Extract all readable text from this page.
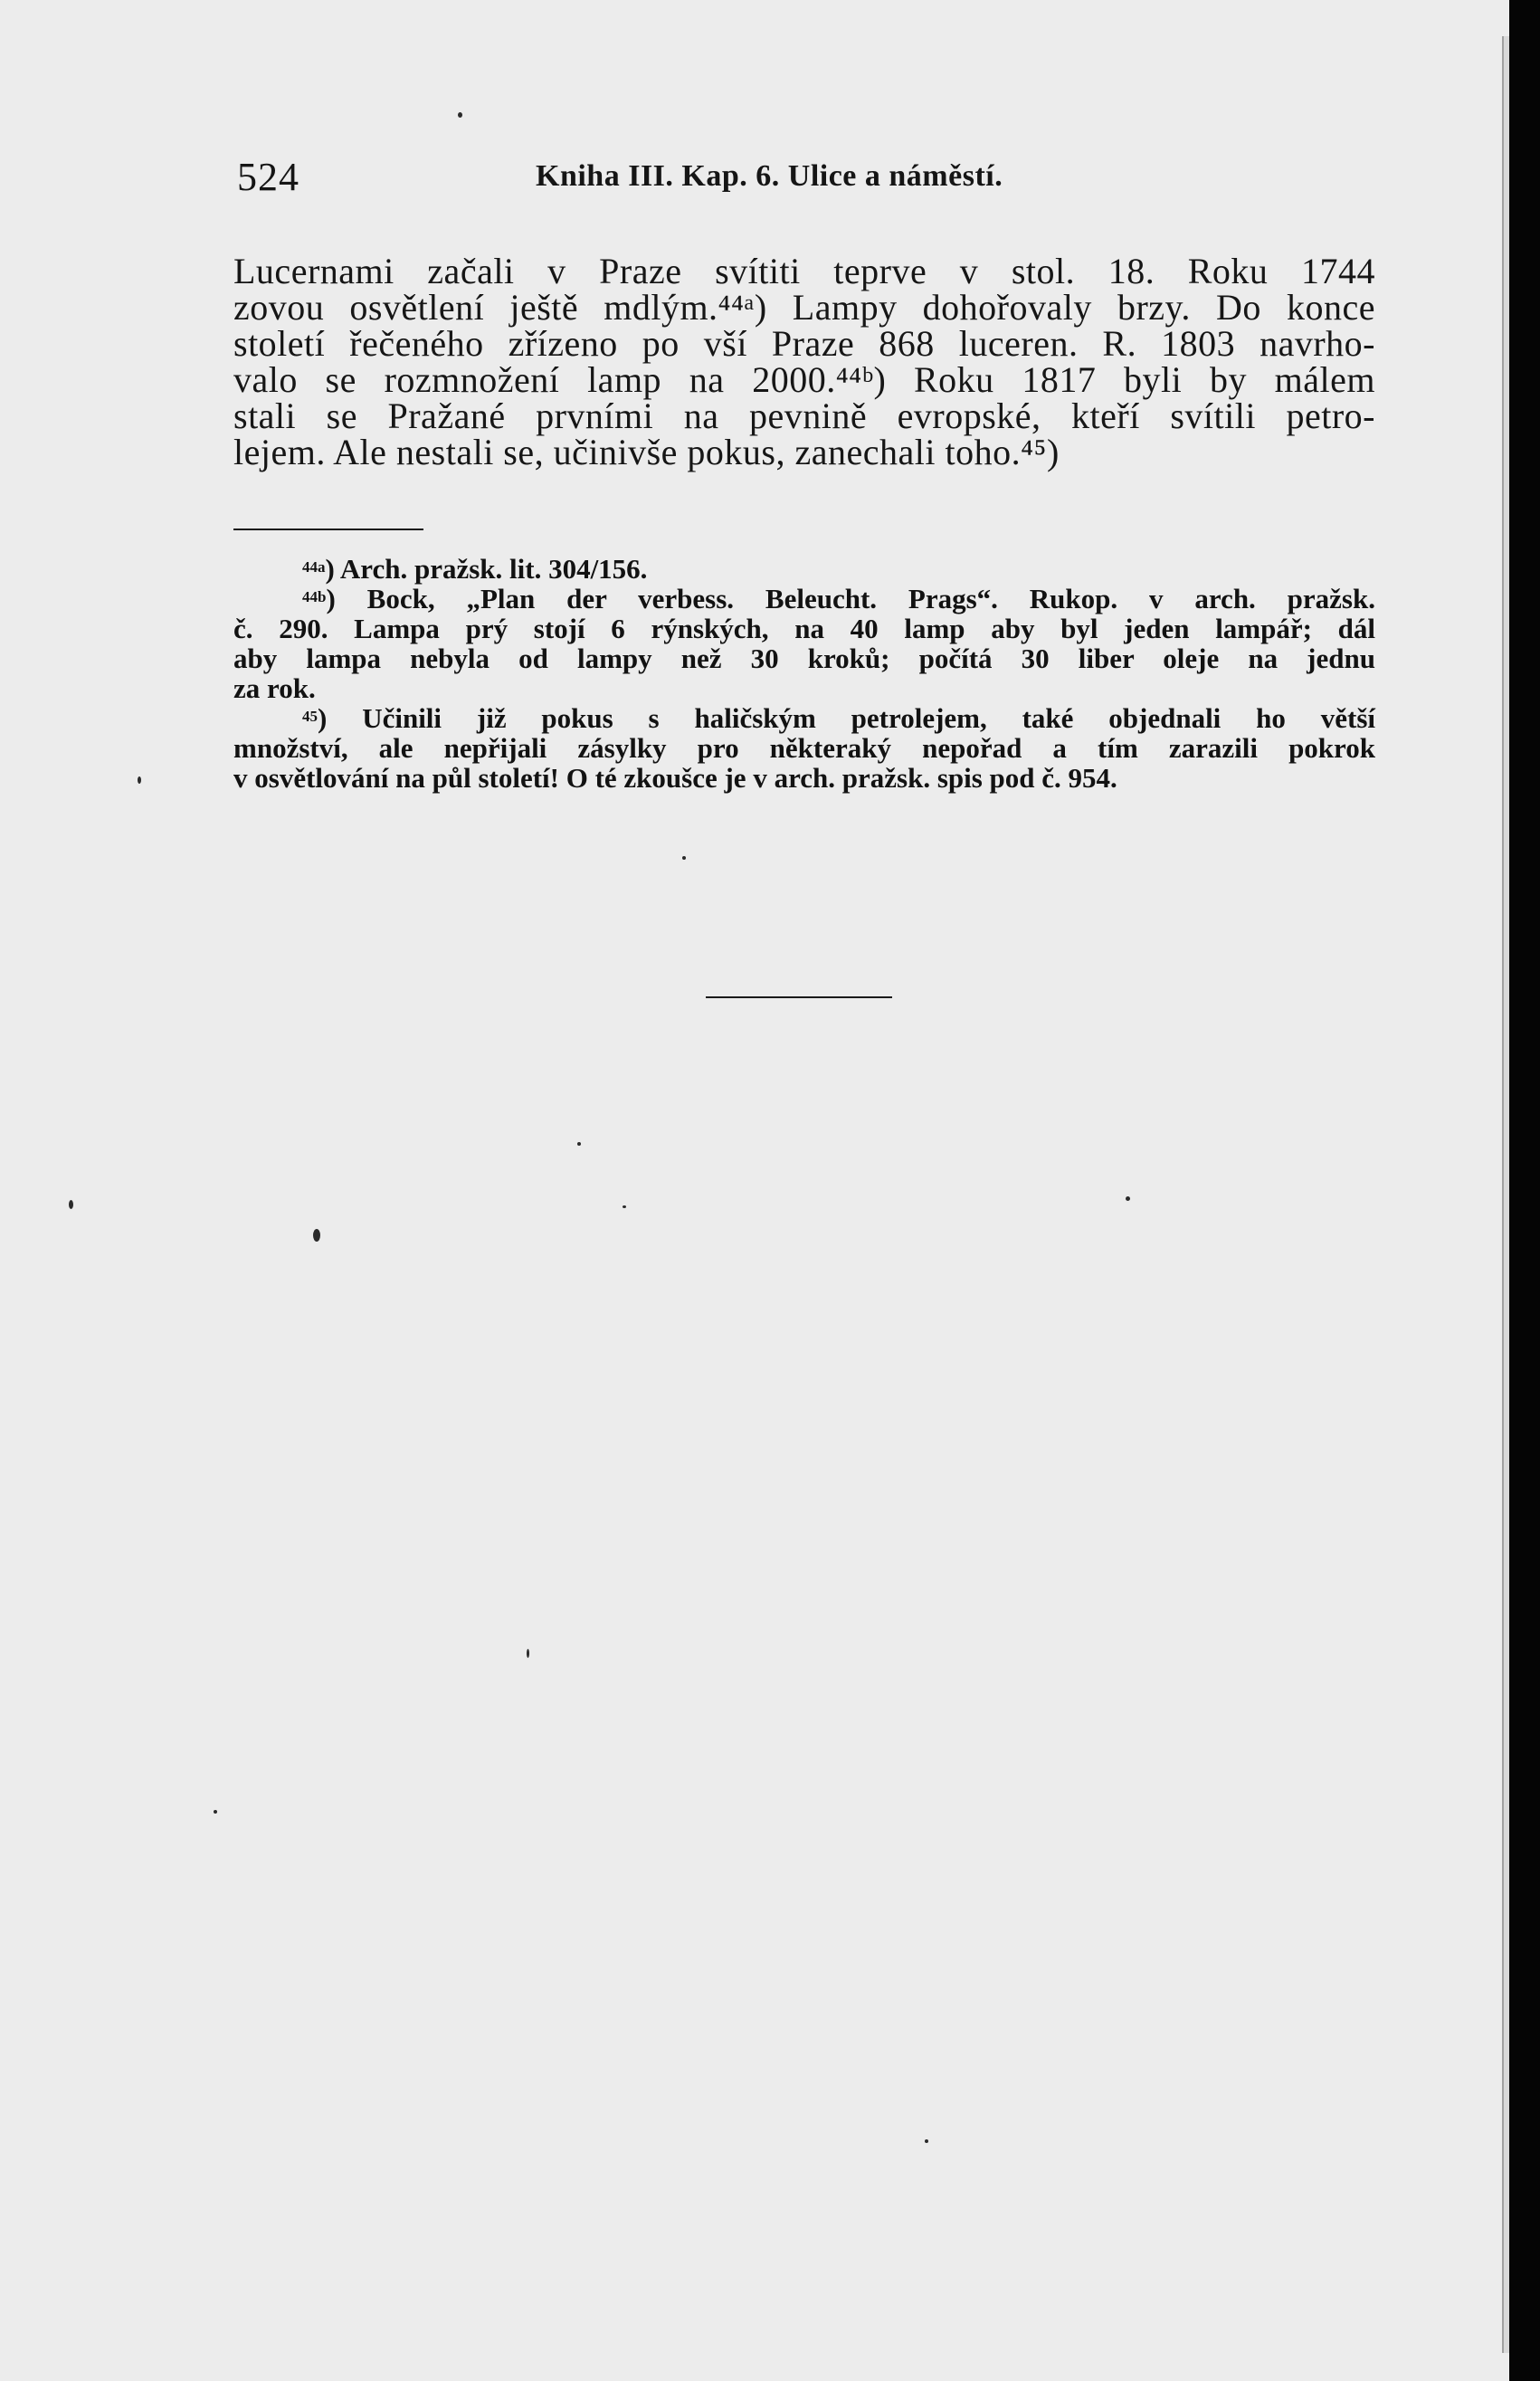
524	Kniha III. Kap. 6. Ulice a náměstí.
Lucernami začali v Praze svítiti teprve v stol. 18. Roku 1744
zovou osvětlení ještě mdlým.⁴⁴ᵃ) Lampy dohořovaly brzy. Do konce
století řečeného zřízeno po vší Praze 868 luceren. R. 1803 navrho-
valo se rozmnožení lamp na 2000.⁴⁴ᵇ) Roku 1817 byli by málem
stali se Pražané prvními na pevnině evropské, kteří svítili petro-
lejem. Ale nestali se, učinivše pokus, zanechali toho.⁴⁵)
$^{44a}$) Arch. pražsk. lit. 304/156.
$^{44b}$) Bock, „Plan der verbess. Beleucht. Prags“. Rukop. v arch. pražsk.
č. 290. Lampa prý stojí 6 rýnských, na 40 lamp aby byl jeden lampář; dál
aby lampa nebyla od lampy než 30 kroků; počítá 30 liber oleje na jednu
za rok.
$^{45}$) Učinili již pokus s haličským petrolejem, také objednali ho větší
množství, ale nepřijali zásylky pro některaký nepořad a tím zarazili pokrok
v osvětlování na půl století! O té zkoušce je v arch. pražsk. spis pod č. 954.
